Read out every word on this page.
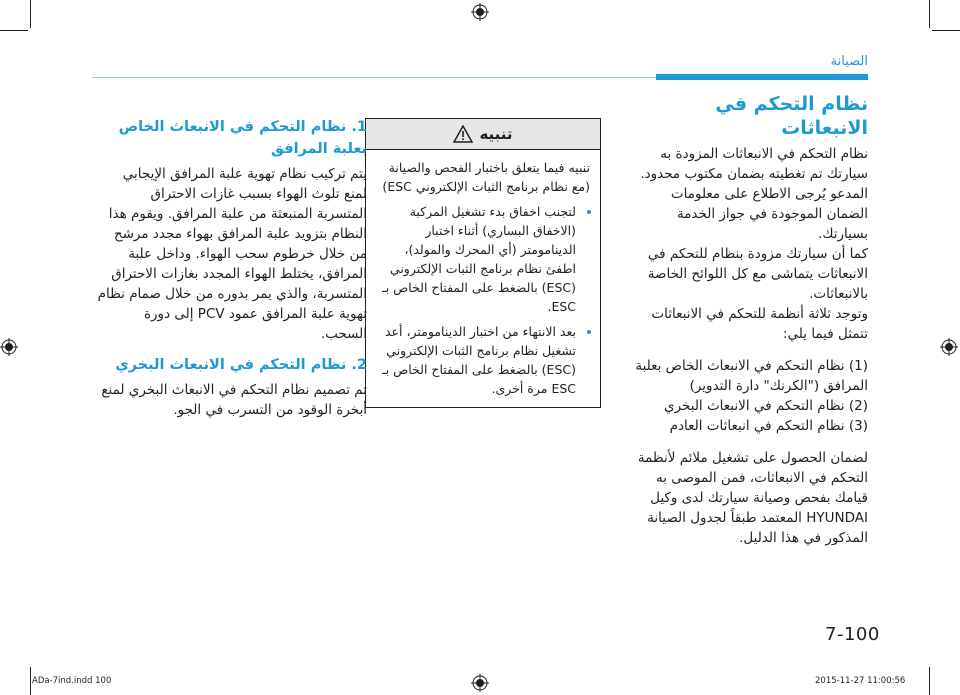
الصيانة
نظام التحكم في الانبعاثات

نظام التحكم في الانبعاثات المزودة به سيارتك تم تغطيته بضمان مكتوب محدود. المدعو يُرجى الاطلاع على معلومات الضمان الموجودة في جواز الخدمة بسيارتك.

كما أن سيارتك مزودة بنظام للتحكم في الانبعاثات يتماشى مع كل اللوائح الخاصة بالانبعاثات.

وتوجد ثلاثة أنظمة للتحكم في الانبعاثات تتمثل فيما يلي:

(1) نظام التحكم في الانبعاث الخاص بعلبة المرافق ("الكرنك" دارة التدوير)

(2) نظام التحكم في الانبعاث البخري

(3) نظام التحكم في انبعاثات العادم

لضمان الحصول على تشغيل ملائم لأنظمة التحكم في الانبعاثات، فمن الموصى به قيامك بفحص وصيانة سيارتك لدى وكيل HYUNDAI المعتمد طبقاً لجدول الصيانة المذكور في هذا الدليل.

تنبيه

تنبيه فيما يتعلق باختبار الفحص والصيانة (مع نظام برنامج الثبات الإلكتروني ESC)

• لتجنب اخفاق بدء تشغيل المركبة (الاخفاق البساري) أثناء اختبار الدينامومتر (أي المحرك والمولد)، اطفئ نظام برنامج الثبات الإلكتروني (ESC) بالضغط على المفتاح الخاص بـ ESC.
• بعد الانتهاء من اختبار الدينامومتر، أعد تشغيل نظام برنامج الثبات الإلكتروني (ESC) بالضغط على المفتاح الخاص بـ ESC مرة أخرى.
1. نظام التحكم في الانبعاث الخاص بعلبة المرافق

يتم تركيب نظام تهوية علبة المرافق الإيجابي لمنع تلوث الهواء بسبب غازات الاحتراق المتسربة المنبعثة من علبة المرافق. ويقوم هذا النظام بتزويد علبة المرافق بهواء مجدد مرشح من خلال خرطوم سحب الهواء. وداخل علبة المرافق، يختلط الهواء المجدد بغازات الاحتراق المتسربة، والذي يمر بدوره من خلال صمام نظام تهوية علبة المرافق عمود PCV إلى دورة السحب.

2. نظام التحكم في الانبعاث البخري

تم تصميم نظام التحكم في الانبعاث البخري لمنع أبخرة الوقود من التسرب في الجو.

7-100
ADa-7ind.indd 100	2015-11-27 11:00:56
